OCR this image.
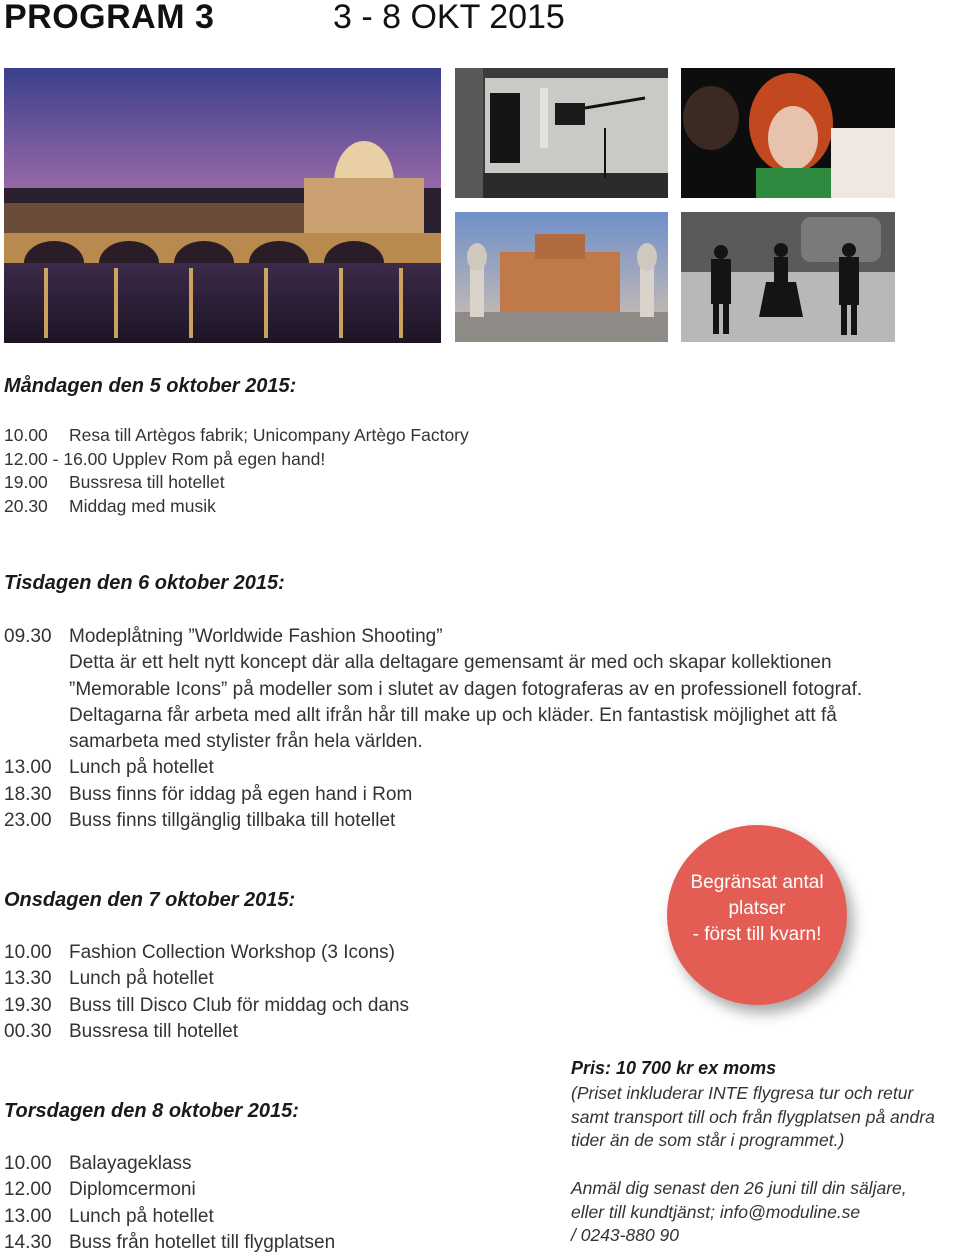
PROGRAM 3	3 - 8 OKT 2015
Måndagen den 5 oktober 2015:
10.00	Resa till Artègos fabrik; Unicompany Artègo Factory
12.00 - 16.00 Upplev Rom på egen hand!
19.00	Bussresa till hotellet
20.30	Middag med musik
Tisdagen den 6 oktober 2015:
09.30 Modeplåtning ”Worldwide Fashion Shooting”
Detta är ett helt nytt koncept där alla deltagare gemensamt är med och skapar kollektionen
”Memorable Icons” på modeller som i slutet av dagen fotograferas av en professionell fotograf.
Deltagarna får arbeta med allt ifrån hår till make up och kläder. En fantastisk möjlighet att få
samarbeta med stylister från hela världen.
13.00 Lunch på hotellet
18.30 Buss finns för iddag på egen hand i Rom
23.00 Buss finns tillgänglig tillbaka till hotellet
Onsdagen den 7 oktober 2015:
10.00 Fashion Collection Workshop (3 Icons)
13.30 Lunch på hotellet
19.30 Buss till Disco Club för middag och dans
00.30 Bussresa till hotellet
Torsdagen den 8 oktober 2015:
10.00 Balayageklass
12.00 Diplomcermoni
13.00 Lunch på hotellet
14.30 Buss från hotellet till flygplatsen
Begränsat antal
platser
- först till kvarn!
Pris: 10 700 kr ex moms
(Priset inkluderar INTE flygresa tur och retur
samt transport till och från flygplatsen på andra
tider än de som står i programmet.)
Anmäl dig senast den 26 juni till din säljare,
eller till kundtjänst; info@moduline.se
/ 0243-880 90
